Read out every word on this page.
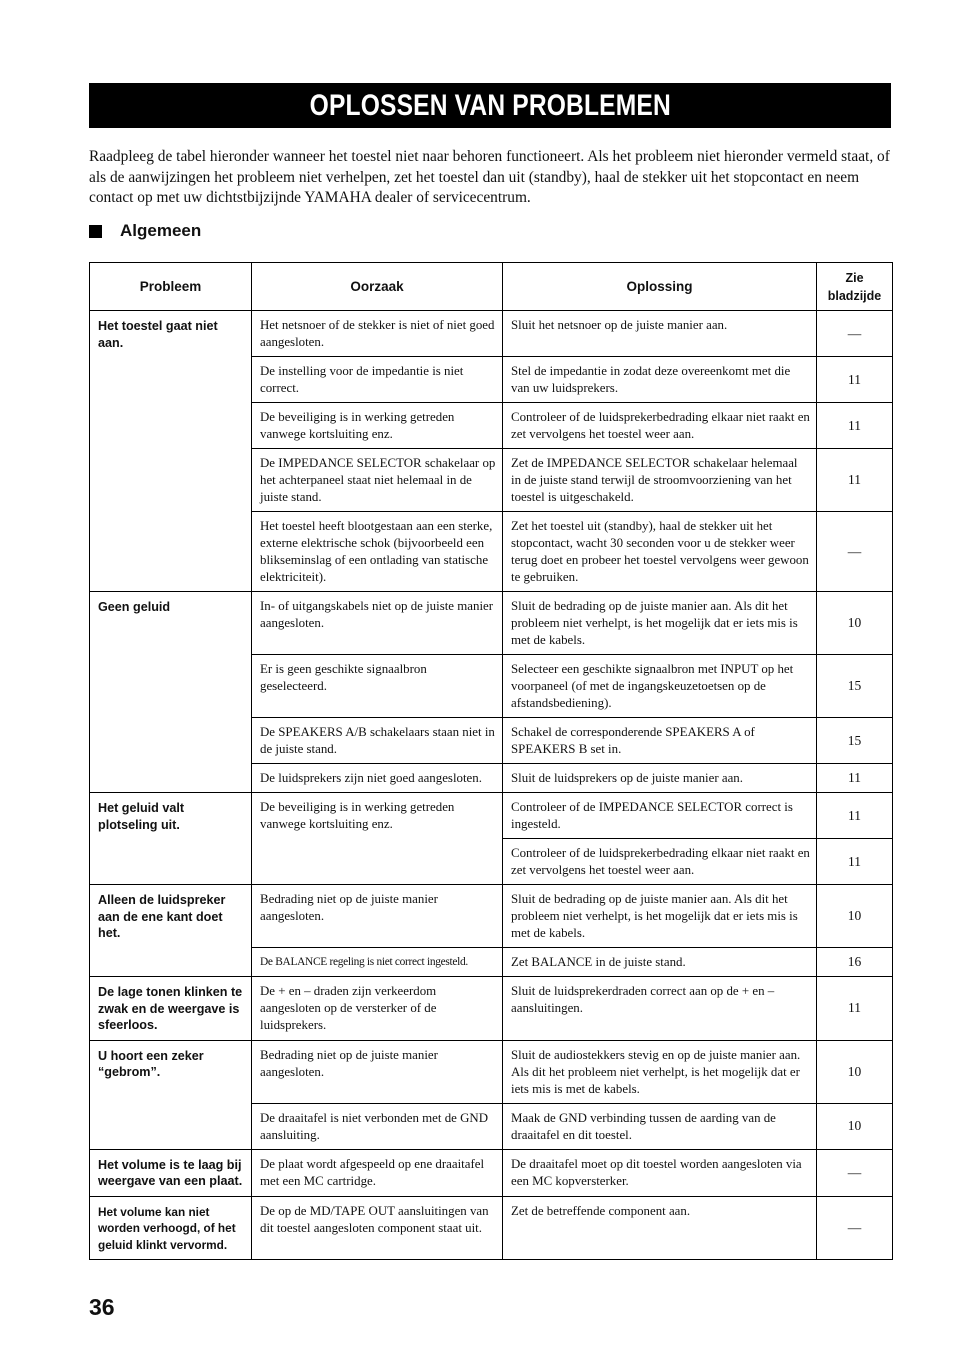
OPLOSSEN VAN PROBLEMEN

Raadpleeg de tabel hieronder wanneer het toestel niet naar behoren functioneert. Als het probleem niet hieronder vermeld staat, of als de aanwijzingen het probleem niet verhelpen, zet het toestel dan uit (standby), haal de stekker uit het stopcontact en neem contact op met uw dichtstbijzijnde YAMAHA dealer of servicecentrum.

Algemeen
Probleem	Oorzaak	Oplossing	Zie bladzijde
Het toestel gaat niet aan.	Het netsnoer of de stekker is niet of niet goed aangesloten.	Sluit het netsnoer op de juiste manier aan.	—
	De instelling voor de impedantie is niet correct.	Stel de impedantie in zodat deze overeenkomt met die van uw luidsprekers.	11
	De beveiliging is in werking getreden vanwege kortsluiting enz.	Controleer of de luidsprekerbedrading elkaar niet raakt en zet vervolgens het toestel weer aan.	11
	De IMPEDANCE SELECTOR schakelaar op het achterpaneel staat niet helemaal in de juiste stand.	Zet de IMPEDANCE SELECTOR schakelaar helemaal in de juiste stand terwijl de stroomvoorziening van het toestel is uitgeschakeld.	11
	Het toestel heeft blootgestaan aan een sterke, externe elektrische schok (bijvoorbeeld een blikseminslag of een ontlading van statische elektriciteit).	Zet het toestel uit (standby), haal de stekker uit het stopcontact, wacht 30 seconden voor u de stekker weer terug doet en probeer het toestel vervolgens weer gewoon te gebruiken.	—
Geen geluid	In- of uitgangskabels niet op de juiste manier aangesloten.	Sluit de bedrading op de juiste manier aan. Als dit het probleem niet verhelpt, is het mogelijk dat er iets mis is met de kabels.	10
	Er is geen geschikte signaalbron geselecteerd.	Selecteer een geschikte signaalbron met INPUT op het voorpaneel (of met de ingangskeuzetoetsen op de afstandsbediening).	15
	De SPEAKERS A/B schakelaars staan niet in de juiste stand.	Schakel de corresponderende SPEAKERS A of SPEAKERS B set in.	15
	De luidsprekers zijn niet goed aangesloten.	Sluit de luidsprekers op de juiste manier aan.	11
Het geluid valt plotseling uit.	De beveiliging is in werking getreden vanwege kortsluiting enz.	Controleer of de IMPEDANCE SELECTOR correct is ingesteld.	11
		Controleer of de luidsprekerbedrading elkaar niet raakt en zet vervolgens het toestel weer aan.	11
Alleen de luidspreker aan de ene kant doet het.	Bedrading niet op de juiste manier aangesloten.	Sluit de bedrading op de juiste manier aan. Als dit het probleem niet verhelpt, is het mogelijk dat er iets mis is met de kabels.	10
	De BALANCE regeling is niet correct ingesteld.	Zet BALANCE in de juiste stand.	16
De lage tonen klinken te zwak en de weergave is sfeerloos.	De + en – draden zijn verkeerdom aangesloten op de versterker of de luidsprekers.	Sluit de luidsprekerdraden correct aan op de + en – aansluitingen.	11
U hoort een zeker “gebrom”.	Bedrading niet op de juiste manier aangesloten.	Sluit de audiostekkers stevig en op de juiste manier aan. Als dit het probleem niet verhelpt, is het mogelijk dat er iets mis is met de kabels.	10
	De draaitafel is niet verbonden met de GND aansluiting.	Maak de GND verbinding tussen de aarding van de draaitafel en dit toestel.	10
Het volume is te laag bij weergave van een plaat.	De plaat wordt afgespeeld op ene draaitafel met een MC cartridge.	De draaitafel moet op dit toestel worden aangesloten via een MC kopversterker.	—
Het volume kan niet worden verhoogd, of het geluid klinkt vervormd.	De op de MD/TAPE OUT aansluitingen van dit toestel aangesloten component staat uit.	Zet de betreffende component aan.	—
36
